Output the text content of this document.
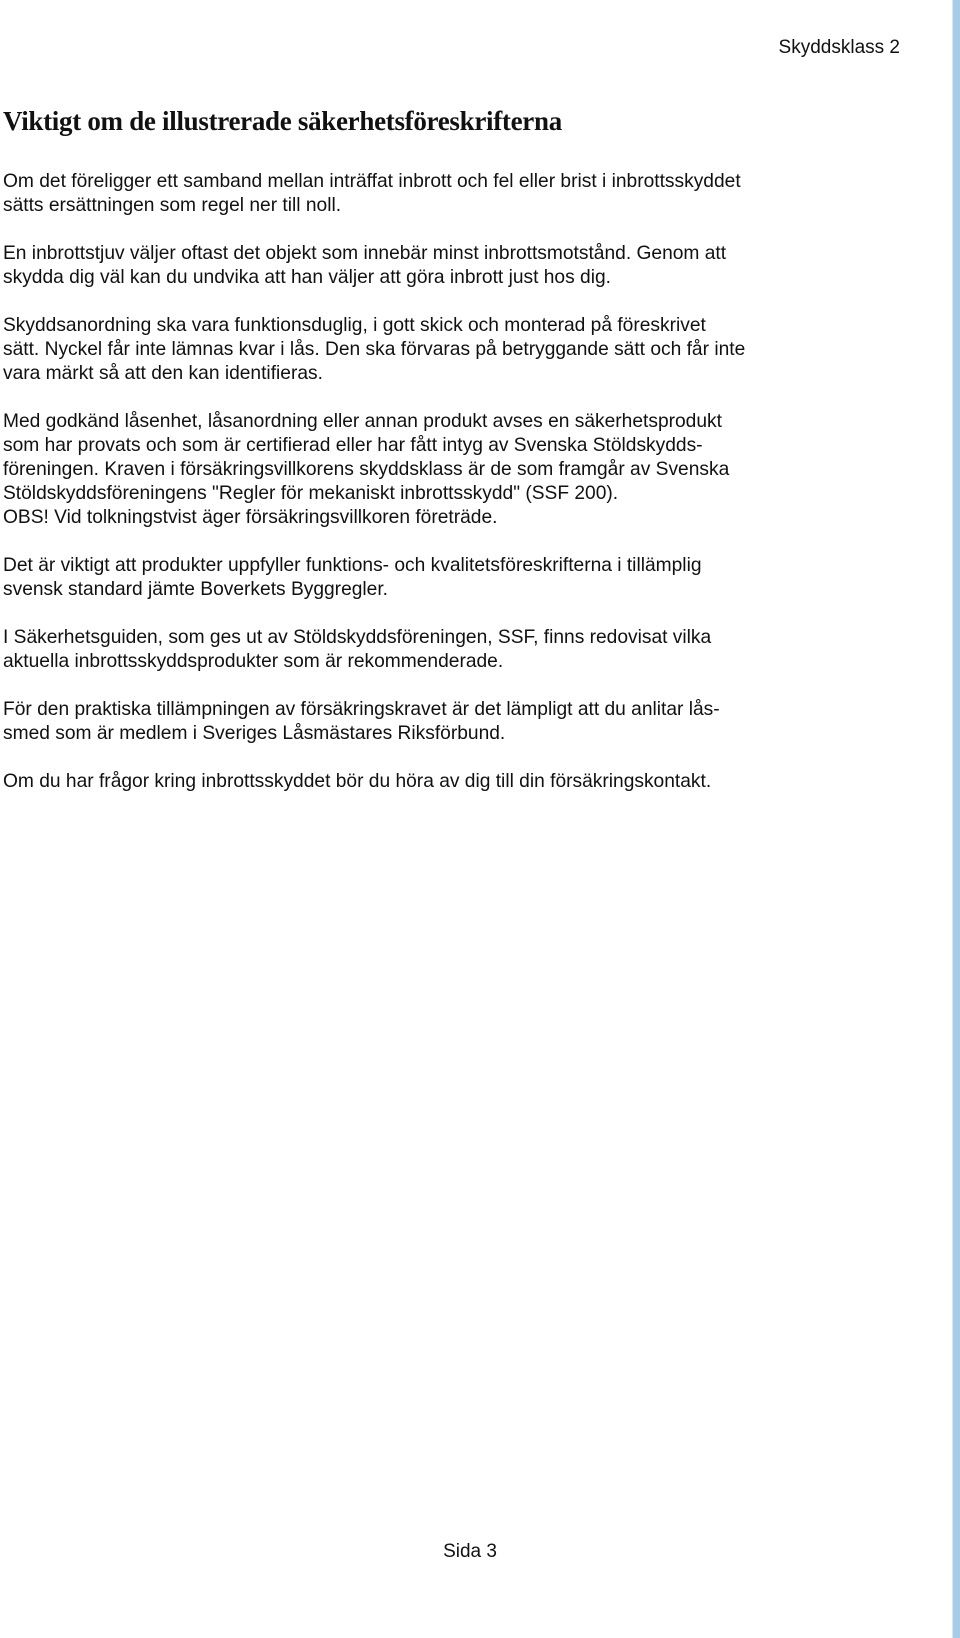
Skyddsklass 2
Viktigt om de illustrerade säkerhetsföreskrifterna

Om det föreligger ett samband mellan inträffat inbrott och fel eller brist i inbrottsskyddet
sätts ersättningen som regel ner till noll.

En inbrottstjuv väljer oftast det objekt som innebär minst inbrottsmotstånd. Genom att
skydda dig väl kan du undvika att han väljer att göra inbrott just hos dig.

Skyddsanordning ska vara funktionsduglig, i gott skick och monterad på föreskrivet
sätt. Nyckel får inte lämnas kvar i lås. Den ska förvaras på betryggande sätt och får inte
vara märkt så att den kan identifieras.

Med godkänd låsenhet, låsanordning eller annan produkt avses en säkerhetsprodukt
som har provats och som är certifierad eller har fått intyg av Svenska Stöldskydds-
föreningen. Kraven i försäkringsvillkorens skyddsklass är de som framgår av Svenska
Stöldskyddsföreningens "Regler för mekaniskt inbrottsskydd" (SSF 200).
OBS! Vid tolkningstvist äger försäkringsvillkoren företräde.

Det är viktigt att produkter uppfyller funktions- och kvalitetsföreskrifterna i tillämplig
svensk standard jämte Boverkets Byggregler.

I Säkerhetsguiden, som ges ut av Stöldskyddsföreningen, SSF, finns redovisat vilka
aktuella inbrottsskyddsprodukter som är rekommenderade.

För den praktiska tillämpningen av försäkringskravet är det lämpligt att du anlitar lås-
smed som är medlem i Sveriges Låsmästares Riksförbund.

Om du har frågor kring inbrottsskyddet bör du höra av dig till din försäkringskontakt.

Sida 3
